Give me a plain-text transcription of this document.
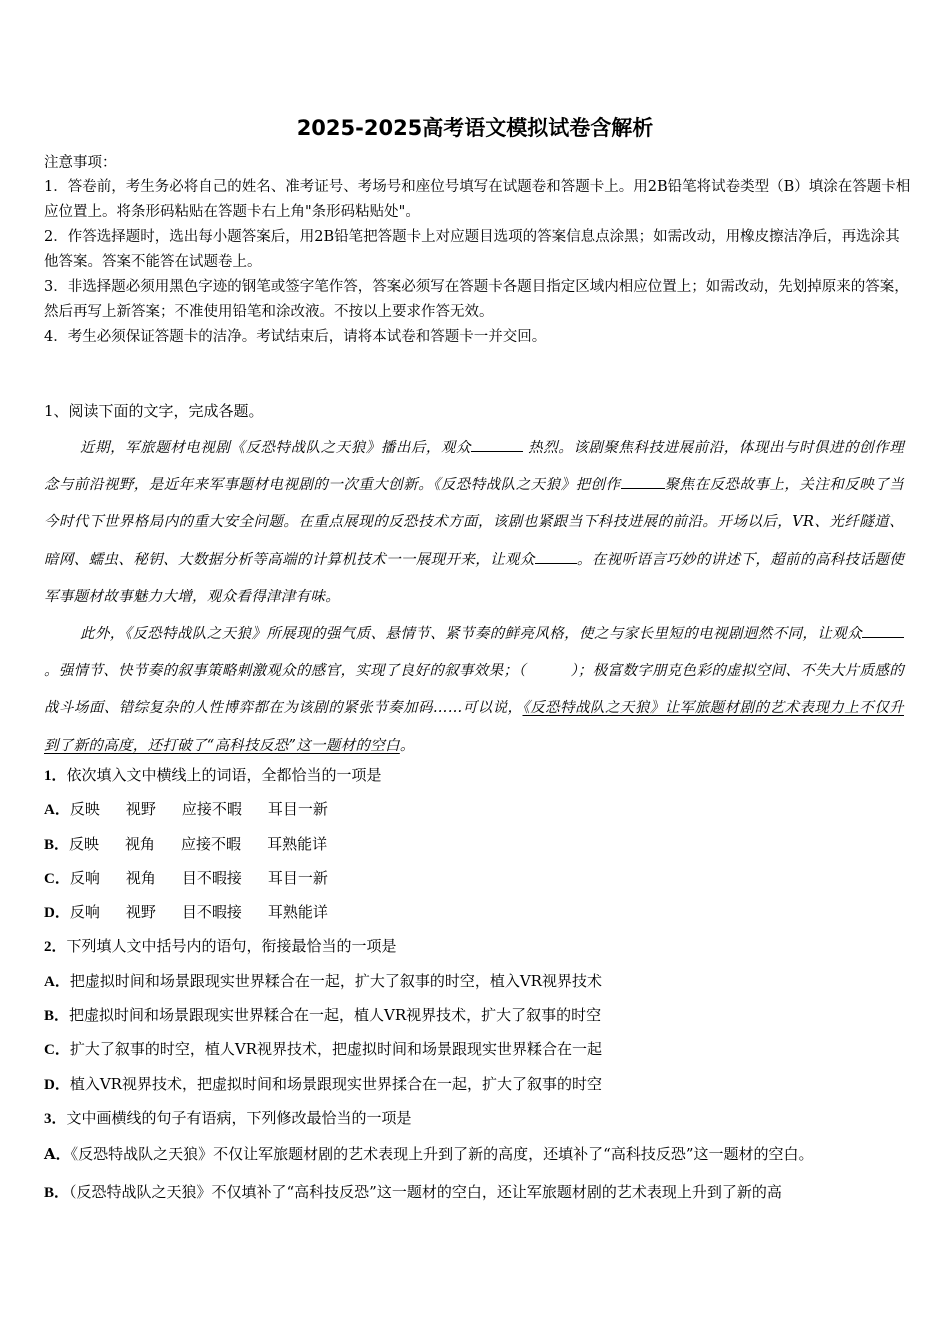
2025-2025高考语文模拟试卷含解析
注意事项：

1．答卷前，考生务必将自己的姓名、准考证号、考场号和座位号填写在试题卷和答题卡上。用2B铅笔将试卷类型（B）填涂在答题卡相应位置上。将条形码粘贴在答题卡右上角"条形码粘贴处"。

2．作答选择题时，选出每小题答案后，用2B铅笔把答题卡上对应题目选项的答案信息点涂黑；如需改动，用橡皮擦洁净后，再选涂其他答案。答案不能答在试题卷上。

3．非选择题必须用黑色字迹的钢笔或签字笔作答，答案必须写在答题卡各题目指定区域内相应位置上；如需改动，先划掉原来的答案，然后再写上新答案；不准使用铅笔和涂改液。不按以上要求作答无效。

4．考生必须保证答题卡的洁净。考试结束后，请将本试卷和答题卡一并交回。

1、阅读下面的文字，完成各题。

近期，军旅题材电视剧《反恐特战队之天狼》播出后，观众	热烈。该剧聚焦科技进展前沿，体现出与时俱进的创作理念与前沿视野，是近年来军事题材电视剧的一次重大创新。《反恐特战队之天狼》把创作	聚焦在反恐故事上，关注和反映了当今时代下世界格局内的重大安全问题。在重点展现的反恐技术方面，该剧也紧跟当下科技进展的前沿。开场以后，VR、光纤隧道、暗网、蠕虫、秘钥、大数据分析等高端的计算机技术一一展现开来，让观众	。在视听语言巧妙的讲述下，超前的高科技话题使军事题材故事魅力大增，观众看得津津有味。

此外，《反恐特战队之天狼》所展现的强气质、悬情节、紧节奏的鲜亮风格，使之与家长里短的电视剧迥然不同，让观众 。强情节、快节奏的叙事策略刺激观众的感官，实现了良好的叙事效果；（　　　）；极富数字朋克色彩的虚拟空间、不失大片质感的战斗场面、错综复杂的人性博弈都在为该剧的紧张节奏加码……可以说，《反恐特战队之天狼》让军旅题材剧的艺术表现力上不仅升到了新的高度，还打破了“高科技反恐”这一题材的空白。

1．依次填入文中横线上的词语，全都恰当的一项是
A．反映 视野 应接不暇 耳目一新
B．反映 视角 应接不暇 耳熟能详
C．反响 视角 目不暇接 耳目一新
D．反响 视野 目不暇接 耳熟能详
2．下列填人文中括号内的语句，衔接最恰当的一项是
A．把虚拟时间和场景跟现实世界糅合在一起，扩大了叙事的时空，植入VR视界技术
B．把虚拟时间和场景跟现实世界糅合在一起，植人VR视界技术，扩大了叙事的时空
C．扩大了叙事的时空，植人VR视界技术，把虚拟时间和场景跟现实世界糅合在一起
D．植入VR视界技术，把虚拟时间和场景跟现实世界揉合在一起，扩大了叙事的时空
3．文中画横线的句子有语病，下列修改最恰当的一项是
A．《反恐特战队之天狼》不仅让军旅题材剧的艺术表现上升到了新的高度，还填补了“高科技反恐”这一题材的空白。
B．（反恐特战队之天狼》不仅填补了“高科技反恐”这一题材的空白，还让军旅题材剧的艺术表现上升到了新的高
